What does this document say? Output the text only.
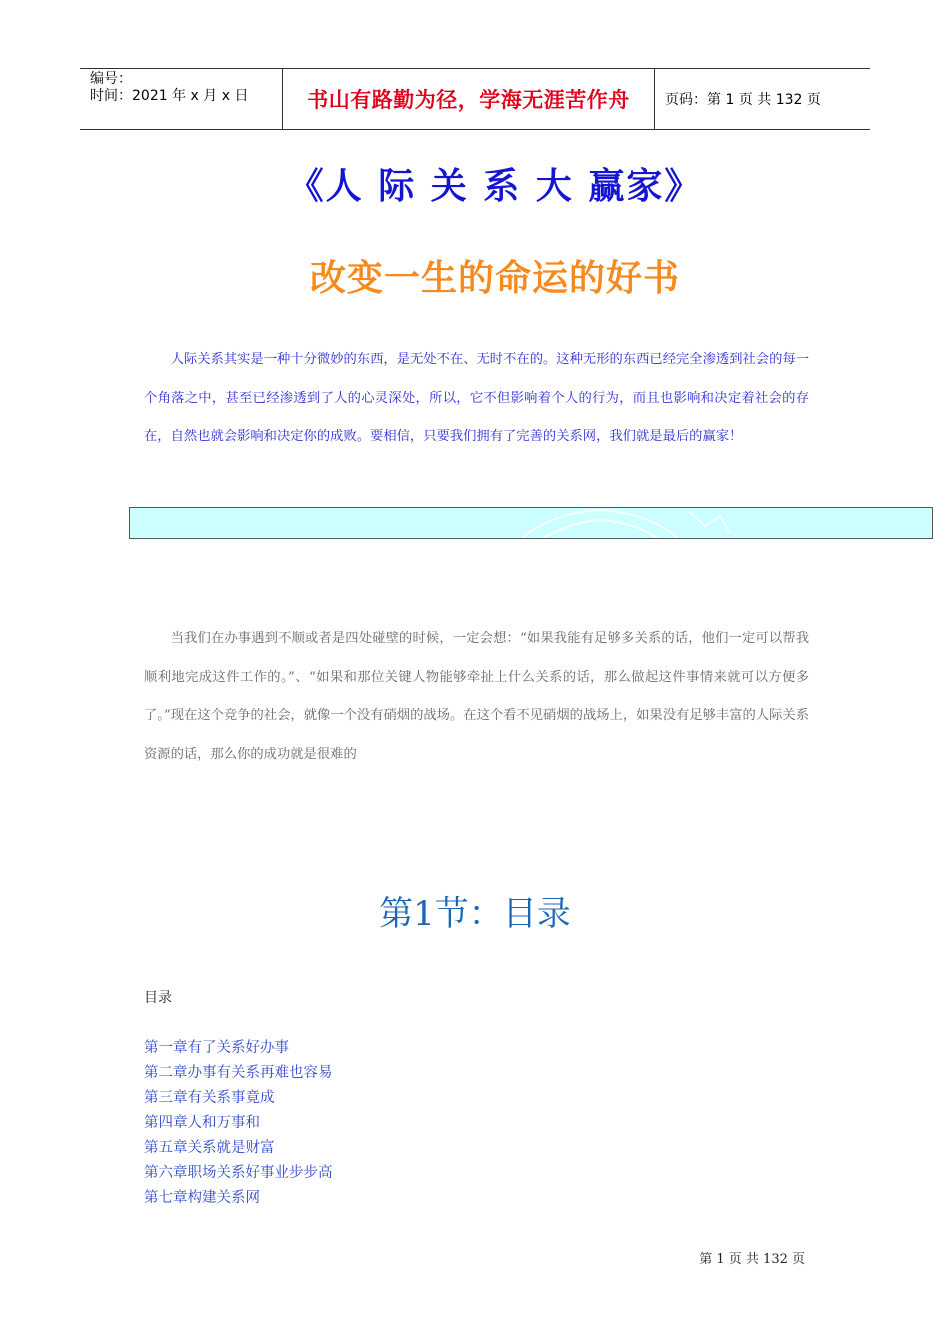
编号：
时间：2021 年 x 月 x 日	书山有路勤为径，学海无涯苦作舟	页码：第 1 页 共 132 页
《人 际 关 系 大 赢家》
改变一生的命运的好书

人际关系其实是一种十分微妙的东西，是无处不在、无时不在的。这种无形的东西已经完全渗透到社会的每一个角落之中，甚至已经渗透到了人的心灵深处，所以，它不但影响着个人的行为，而且也影响和决定着社会的存在，自然也就会影响和决定你的成败。要相信，只要我们拥有了完善的关系网，我们就是最后的赢家！

当我们在办事遇到不顺或者是四处碰壁的时候，一定会想：“如果我能有足够多关系的话，他们一定可以帮我顺利地完成这件工作的。”、“如果和那位关键人物能够牵扯上什么关系的话，那么做起这件事情来就可以方便多了。”现在这个竞争的社会，就像一个没有硝烟的战场。在这个看不见硝烟的战场上，如果没有足够丰富的人际关系资源的话，那么你的成功就是很难的

第1节：目录
目录
第一章有了关系好办事
第二章办事有关系再难也容易
第三章有关系事竟成
第四章人和万事和
第五章关系就是财富
第六章职场关系好事业步步高
第七章构建关系网
第 1 页 共 132 页
